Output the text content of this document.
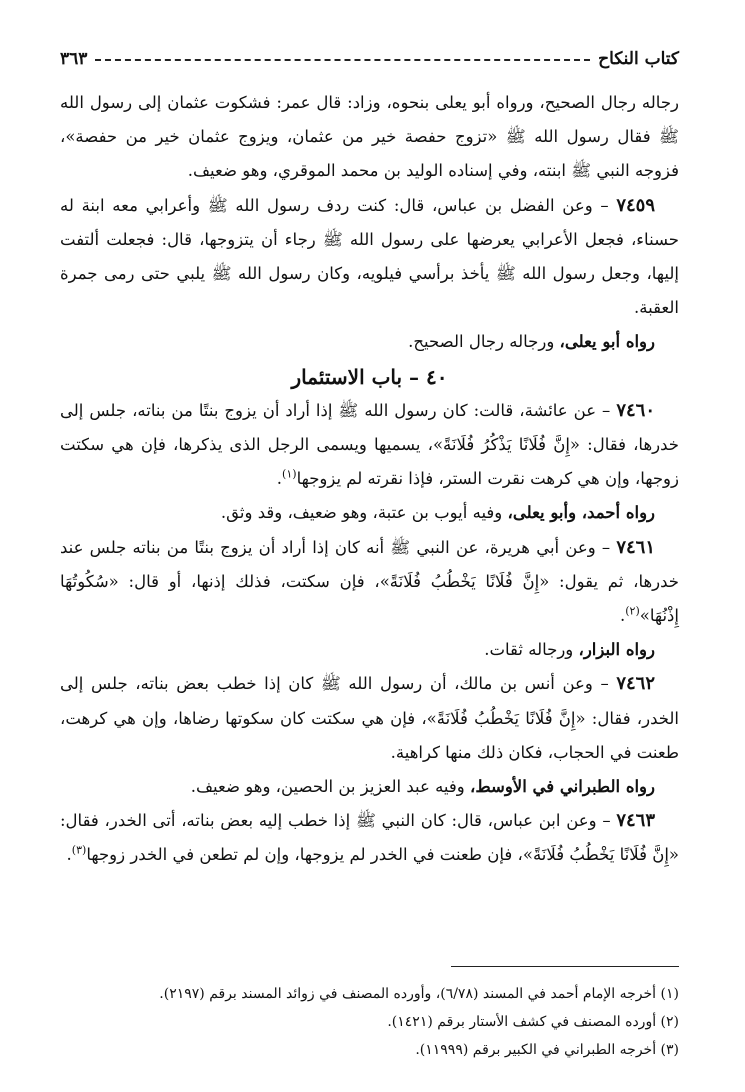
كتاب النكاح
٣٦٣

رجاله رجال الصحيح، ورواه أبو يعلى بنحوه، وزاد: قال عمر: فشكوت عثمان إلى رسول الله ﷺ فقال رسول الله ﷺ «تزوج حفصة خير من عثمان، ويزوج عثمان خير من حفصة»، فزوجه النبي ﷺ ابنته، وفي إسناده الوليد بن محمد الموقري، وهو ضعيف.

٧٤٥٩ – وعن الفضل بن عباس، قال: كنت ردف رسول الله ﷺ وأعرابي معه ابنة له حسناء، فجعل الأعرابي يعرضها على رسول الله ﷺ رجاء أن يتزوجها، قال: فجعلت ألتفت إليها، وجعل رسول الله ﷺ يأخذ برأسي فيلويه، وكان رسول الله ﷺ يلبي حتى رمى جمرة العقبة.

رواه أبو يعلى، ورجاله رجال الصحيح.

٤٠ – باب الاستئمار

٧٤٦٠ – عن عائشة، قالت: كان رسول الله ﷺ إذا أراد أن يزوج بنتًا من بناته، جلس إلى خدرها، فقال: «إِنَّ فُلَانًا يَذْكُرُ فُلَانَةً»، يسميها ويسمى الرجل الذى يذكرها، فإن هي سكتت زوجها، وإن هي كرهت نقرت الستر، فإذا نقرته لم يزوجها$^{(١)}$.

رواه أحمد، وأبو يعلى، وفيه أيوب بن عتبة، وهو ضعيف، وقد وثق.

٧٤٦١ – وعن أبي هريرة، عن النبي ﷺ أنه كان إذا أراد أن يزوج بنتًا من بناته جلس عند خدرها، ثم يقول: «إِنَّ فُلَانًا يَخْطُبُ فُلَانَةً»، فإن سكتت، فذلك إذنها، أو قال: «سُكُوتُهَا إِذْنُهَا»$^{(٢)}$.

رواه البزار، ورجاله ثقات.

٧٤٦٢ – وعن أنس بن مالك، أن رسول الله ﷺ كان إذا خطب بعض بناته، جلس إلى الخدر، فقال: «إِنَّ فُلَانًا يَخْطُبُ فُلَانَةً»، فإن هي سكتت كان سكوتها رضاها، وإن هي كرهت، طعنت في الحجاب، فكان ذلك منها كراهية.

رواه الطبراني في الأوسط، وفيه عبد العزيز بن الحصين، وهو ضعيف.

٧٤٦٣ – وعن ابن عباس، قال: كان النبي ﷺ إذا خطب إليه بعض بناته، أتى الخدر، فقال: «إِنَّ فُلَانًا يَخْطُبُ فُلَانَةً»، فإن طعنت في الخدر لم يزوجها، وإن لم تطعن في الخدر زوجها$^{(٣)}$.

(١) أخرجه الإمام أحمد في المسند (٦/٧٨)، وأورده المصنف في زوائد المسند برقم (٢١٩٧).

(٢) أورده المصنف في كشف الأستار برقم (١٤٢١).

(٣) أخرجه الطبراني في الكبير برقم (١١٩٩٩).
